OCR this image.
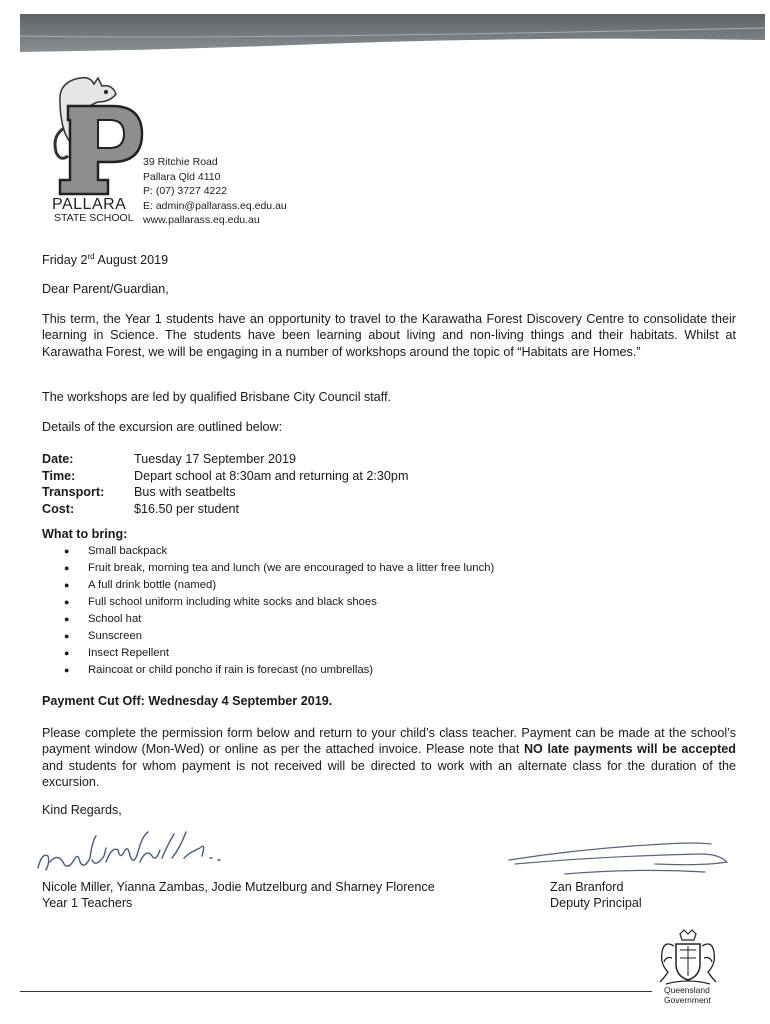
PALLARA
STATE SCHOOL
39 Ritchie Road
Pallara Qld 4110
P: (07) 3727 4222
E: admin@pallarass.eq.edu.au
www.pallarass.eq.edu.au
Friday 2rd August 2019
Dear Parent/Guardian,
This term, the Year 1 students have an opportunity to travel to the Karawatha Forest Discovery Centre to consolidate their learning in Science. The students have been learning about living and non-living things and their habitats. Whilst at Karawatha Forest, we will be engaging in a number of workshops around the topic of “Habitats are Homes.”
The workshops are led by qualified Brisbane City Council staff.
Details of the excursion are outlined below:
Date:	Tuesday 17 September 2019
Time:	Depart school at 8:30am and returning at 2:30pm
Transport:	Bus with seatbelts
Cost:	$16.50 per student
What to bring:
● Small backpack
● Fruit break, morning tea and lunch (we are encouraged to have a litter free lunch)
● A full drink bottle (named)
● Full school uniform including white socks and black shoes
● School hat
● Sunscreen
● Insect Repellent
● Raincoat or child poncho if rain is forecast (no umbrellas)
Payment Cut Off: Wednesday 4 September 2019.
Please complete the permission form below and return to your child’s class teacher. Payment can be made at the school’s payment window (Mon-Wed) or online as per the attached invoice. Please note that NO late payments will be accepted and students for whom payment is not received will be directed to work with an alternate class for the duration of the excursion.
Kind Regards,
Nicole Miller, Yianna Zambas, Jodie Mutzelburg and Sharney Florence
Year 1 Teachers
Zan Branford
Deputy Principal
Queensland
Government
